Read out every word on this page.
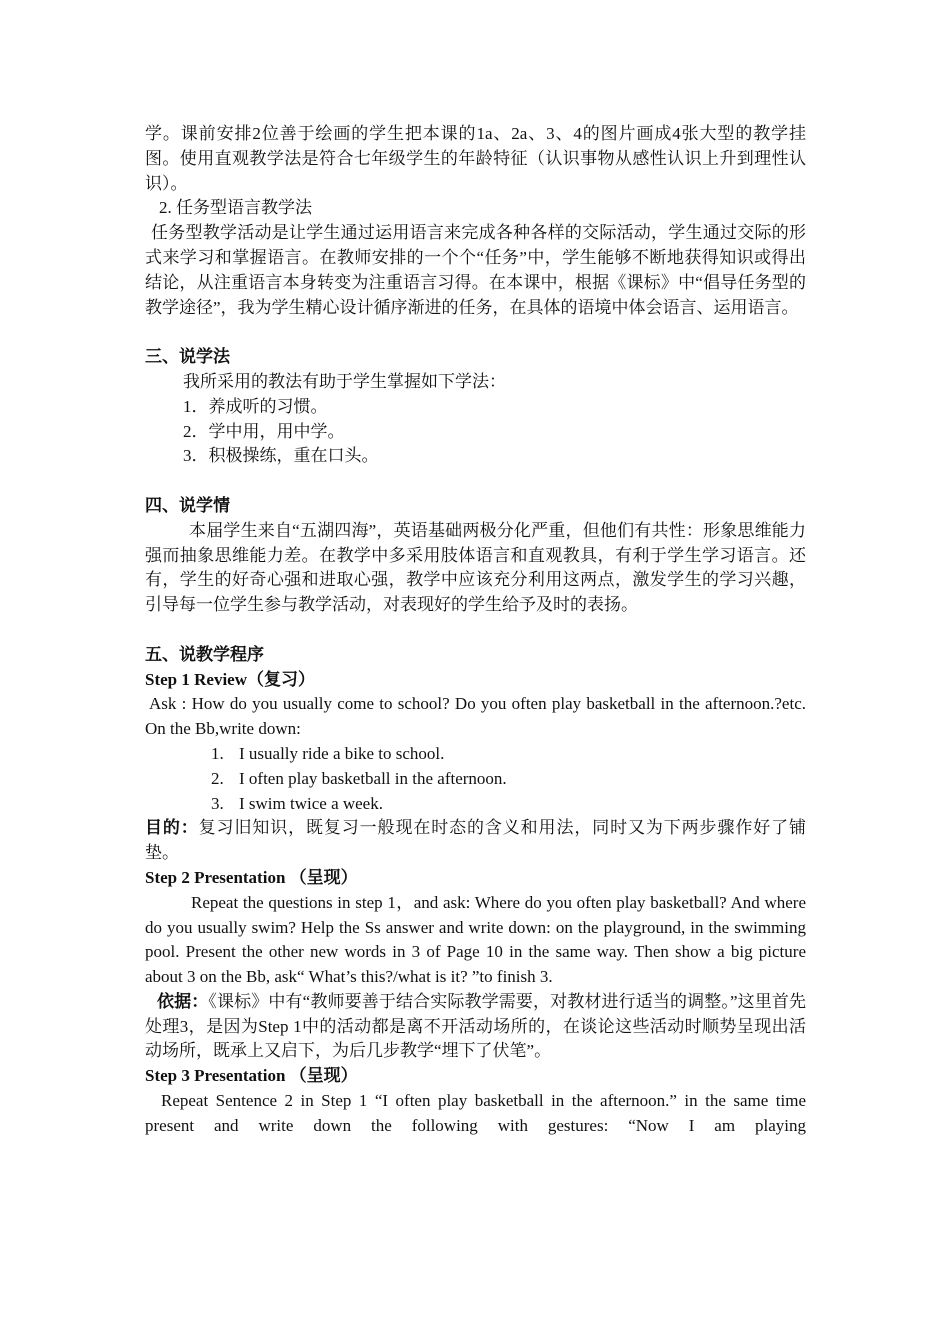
学。课前安排2位善于绘画的学生把本课的1a、2a、3、4的图片画成4张大型的教学挂图。使用直观教学法是符合七年级学生的年龄特征（认识事物从感性认识上升到理性认识）。

2. 任务型语言教学法

任务型教学活动是让学生通过运用语言来完成各种各样的交际活动，学生通过交际的形式来学习和掌握语言。在教师安排的一个个“任务”中，学生能够不断地获得知识或得出结论，从注重语言本身转变为注重语言习得。在本课中，根据《课标》中“倡导任务型的教学途径”，我为学生精心设计循序渐进的任务，在具体的语境中体会语言、运用语言。

三、说学法

我所采用的教法有助于学生掌握如下学法：

1．养成听的习惯。

2．学中用，用中学。

3．积极操练，重在口头。

四、说学情

本届学生来自“五湖四海”，英语基础两极分化严重，但他们有共性：形象思维能力强而抽象思维能力差。在教学中多采用肢体语言和直观教具，有利于学生学习语言。还有，学生的好奇心强和进取心强，教学中应该充分利用这两点，激发学生的学习兴趣，引导每一位学生参与教学活动，对表现好的学生给予及时的表扬。

五、说教学程序

Step 1 Review（复习）

Ask : How do you usually come to school? Do you often play basketball in the afternoon.?etc. On the Bb,write down:

1. I usually ride a bike to school.
2. I often play basketball in the afternoon.
3. I swim twice a week.

目的：复习旧知识，既复习一般现在时态的含义和用法，同时又为下两步骤作好了铺垫。

Step 2 Presentation （呈现）

Repeat the questions in step 1，and ask: Where do you often play basketball? And where do you usually swim? Help the Ss answer and write down: on the playground, in the swimming pool. Present the other new words in 3 of Page 10 in the same way. Then show a big picture about 3 on the Bb, ask“ What’s this?/what is it? ”to finish 3.

依据：《课标》中有“教师要善于结合实际教学需要，对教材进行适当的调整。”这里首先处理3，是因为Step 1中的活动都是离不开活动场所的，在谈论这些活动时顺势呈现出活动场所，既承上又启下，为后几步教学“埋下了伏笔”。

Step 3 Presentation （呈现）

Repeat Sentence 2 in Step 1 “I often play basketball in the afternoon.” in the same time present and write down the following with gestures: “Now I am playing
